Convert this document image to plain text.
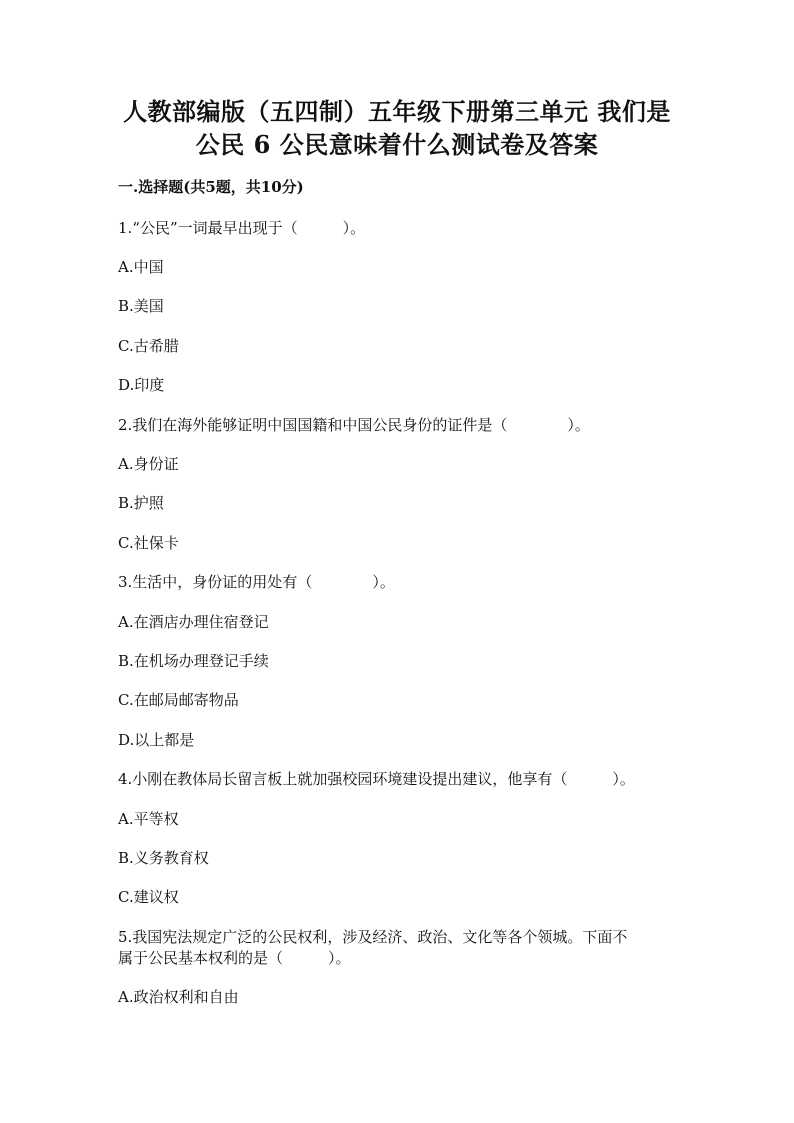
人教部编版（五四制）五年级下册第三单元 我们是
公民 6 公民意味着什么测试卷及答案
一.选择题(共5题，共10分)
1.“公民”一词最早出现于（　　　）。
A.中国
B.美国
C.古希腊
D.印度
2.我们在海外能够证明中国国籍和中国公民身份的证件是（　　　　）。
A.身份证
B.护照
C.社保卡
3.生活中，身份证的用处有（　　　　）。
A.在酒店办理住宿登记
B.在机场办理登记手续
C.在邮局邮寄物品
D.以上都是
4.小刚在教体局长留言板上就加强校园环境建设提出建议，他享有（　　　）。
A.平等权
B.义务教育权
C.建议权
5.我国宪法规定广泛的公民权利，涉及经济、政治、文化等各个领城。下面不
属于公民基本权利的是（　　　）。
A.政治权利和自由
